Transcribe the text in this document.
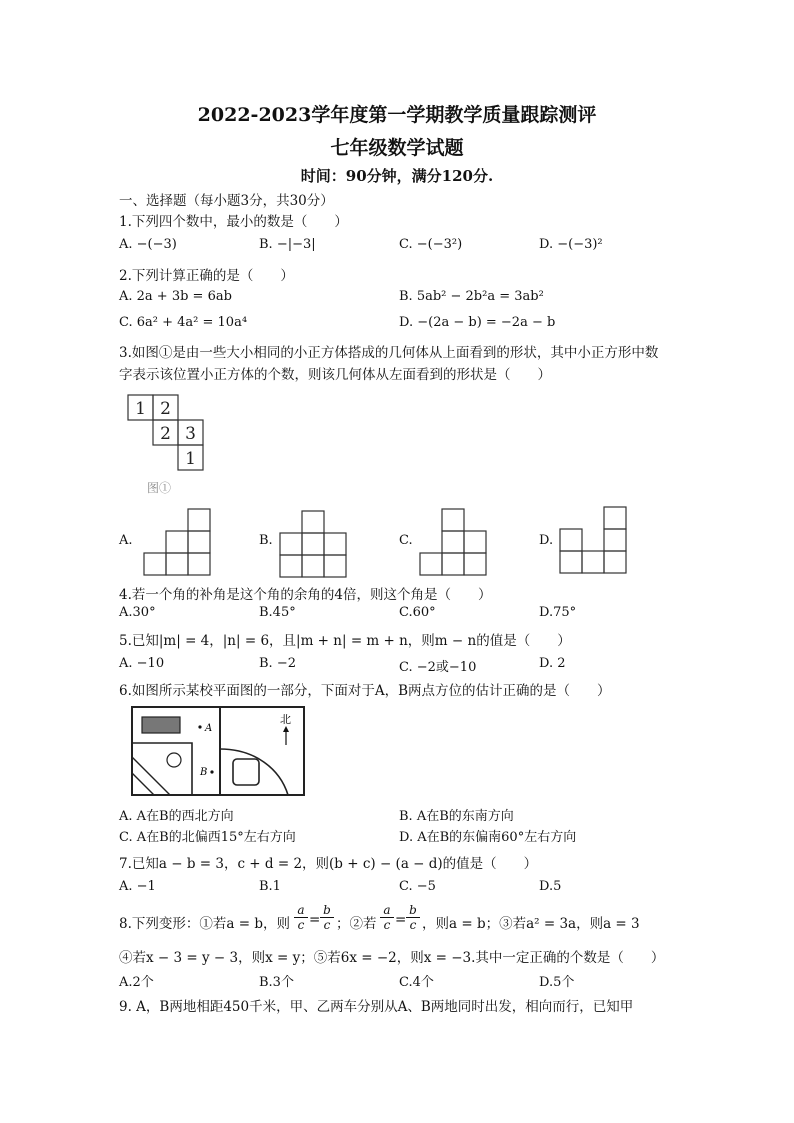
2022-2023学年度第一学期教学质量跟踪测评
七年级数学试题
时间：90分钟，满分120分.
一、选择题（每小题3分，共30分）
1.下列四个数中，最小的数是（　　）
A. −(−3)	B. −|−3|	C. −(−3²)	D. −(−3)²
2.下列计算正确的是（　　）
A. 2a + 3b = 6ab	B. 5ab² − 2b²a = 3ab²
C. 6a² + 4a² = 10a⁴	D. −(2a − b) = −2a − b
3.如图①是由一些大小相同的小正方体搭成的几何体从上面看到的形状，其中小正方形中数
字表示该位置小正方体的个数，则该几何体从左面看到的形状是（　　）
1 2
2 3
1
图①
A.	B.	C.	D.
4.若一个角的补角是这个角的余角的4倍，则这个角是（　　）
A.30°	B.45°	C.60°	D.75°
5.已知|m| = 4，|n| = 6，且|m + n| = m + n，则m − n的值是（　　）
A. −10	B. −2	C. −2或−10	D. 2
6.如图所示某校平面图的一部分，下面对于A，B两点方位的估计正确的是（　　）
A
B
北
A. A在B的西北方向	B. A在B的东南方向
C. A在B的北偏西15°左右方向	D. A在B的东偏南60°左右方向
7.已知a − b = 3，c + d = 2，则(b + c) − (a − d)的值是（　　）
A. −1	B.1	C. −5	D.5
8.下列变形：①若a = b，则 $\frac{a}{c} = \frac{b}{c}$ ；②若 $\frac{a}{c} = \frac{b}{c}$ ，则a = b；③若a² = 3a，则a = 3
④若x − 3 = y − 3，则x = y；⑤若6x = −2，则x = −3.其中一定正确的个数是（　　）
A.2个	B.3个	C.4个	D.5个
9. A，B两地相距450千米，甲、乙两车分别从A、B两地同时出发，相向而行，已知甲
